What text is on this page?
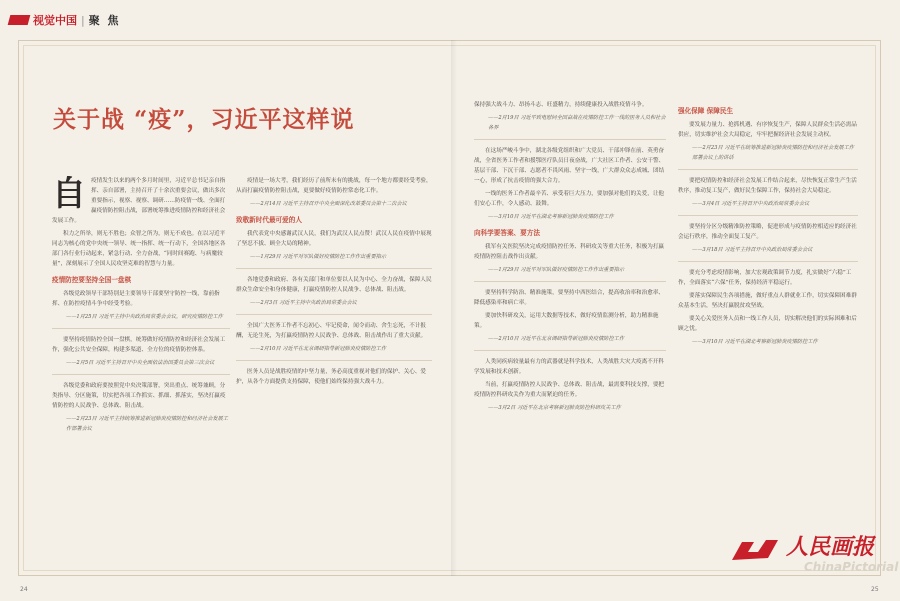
视觉中国 | 聚 焦
关于战 “疫”，习近平这样说

自疫情发生以来的两个多月时间里，习近平总书记亲自指挥、亲自部署，主持召开了十余次重要会议，做出多次重要指示，视察、视察、调研……防疫情一线、全面打赢疫情防控阻击战，部署统筹推进疫情防控和经济社会发展工作。

积力之所举，则无不胜也；众智之所为，则无不成也。在以习近平同志为核心的党中央统一领导、统一指挥、统一行动下，全国各地区各部门各行业行动起来，紧急行动、全力奋战，“同时间赛跑、与病魔较量”，深刻展示了全国人民攻坚克难的智慧与力量。

疫情防控要坚持全国一盘棋

各级党政领导干部特别是主要领导干部要坚守防控一线，靠前指挥、在防控疫情斗争中经受考验。

——1月25日 习近平主持中央政治局常委会会议，研究疫情防控工作

要坚持疫情防控全国一盘棋，统筹做好疫情防控和经济社会发展工作，强化公共安全保障，构建多渠道、全方位的疫情防控体系。

——2月5日 习近平主持召开中央全面依法治国委员会第三次会议

各级党委和政府要按照党中央决策部署，突出重点、统筹兼顾，分类指导、分区施策，切实把各项工作抓实、抓细、抓落实，坚决打赢疫情防控的人民战争、总体战、阻击战。

——2月23日 习近平主持统筹推进新冠肺炎疫情防控和经济社会发展工作部署会议

疫情是一场大考，我们经历了前所未有的挑战，每一个地方都要经受考验，从而打赢疫情防控阻击战，更要做好疫情防控常态化工作。

——2月14日 习近平主持召开中央全面深化改革委员会第十二次会议

致敬新时代最可爱的人

我代表党中央感谢武汉人民，我们为武汉人民点赞！武汉人民在疫情中展现了坚忍不拔、顾全大局的精神。

——1月29日 习近平对军队做好疫情防控工作作出重要指示

各地党委和政府、各有关部门和单位要以人民为中心、全力奋战，保障人民群众生命安全和身体健康，打赢疫情防控人民战争、总体战、阻击战。

——2月3日 习近平主持中央政治局常委会会议

全国广大医务工作者不忘初心、牢记使命，闻令而动、舍生忘死，不计报酬，无论生死，为打赢疫情防控人民战争、总体战、阻击战作出了重大贡献。

——2月10日 习近平在北京调研指导新冠肺炎疫情防控工作

医务人员是战胜疫情的中坚力量，务必高度重视对他们的保护、关心、爱护，从各个方面提供支持保障，使他们始终保持强大战斗力。

保持强大战斗力、昂扬斗志、旺盛精力，持续健康投入战胜疫情斗争。

——2月19日 习近平致电慰问全国奋战在疫情防控工作一线的医务人员和社会各界

在这场严峻斗争中，湖北各级党组织和广大党员、干部冲锋在前、英勇奋战，全省医务工作者和援鄂医疗队员日夜奋战，广大社区工作者、公安干警、基层干部、下沉干部、志愿者不畏风雨、坚守一线，广大群众众志成城、团结一心，形成了抗击疫情的强大合力。

一线的医务工作者最辛苦、承受着巨大压力，要加强对他们的关爱，让他们安心工作，令人感动、鼓舞。

——3月10日 习近平在湖北考察新冠肺炎疫情防控工作

向科学要答案、要方法

我军有关医院坚决完成疫情防控任务、科研攻关等重大任务，积极为打赢疫情防控阻击战作出贡献。

——1月29日 习近平对军队做好疫情防控工作作出重要指示

要坚持科学防治、精准施策，要坚持中西医结合，提高收治率和治愈率、降低感染率和病亡率。

要加快科研攻关，运用大数据等技术，做好疫情监测分析，助力精准施策。

——2月10日 习近平在北京调研指导新冠肺炎疫情防控工作

人类同疾病较量最有力的武器就是科学技术，人类战胜大灾大疫离不开科学发展和技术创新。

当前，打赢疫情防控人民战争、总体战、阻击战，最需要科技支撑，要把疫情防控科研攻关作为重大而紧迫的任务。

——3月2日 习近平在北京考察新冠肺炎防控科研攻关工作

强化保障 保障民生

要发展力量力、抢抓机遇、有序恢复生产，保障人民群众生活必需品供应，切实维护社会大局稳定，牢牢把握经济社会发展主动权。

——2月23日 习近平在统筹推进新冠肺炎疫情防控和经济社会发展工作部署会议上的讲话

要把疫情防控和经济社会发展工作结合起来，尽快恢复正常生产生活秩序，推动复工复产，做好民生保障工作，保持社会大局稳定。

——3月4日 习近平主持召开中央政治局常委会会议

要坚持分区分级精准防控策略，促进形成与疫情防控相适应的经济社会运行秩序，推动全面复工复产。

——3月18日 习近平主持召开中央政治局常委会会议

要充分考虑疫情影响，加大宏观政策调节力度，扎实做好“六稳”工作，全面落实“六保”任务，保持经济平稳运行。

要落实保障民生各项措施，做好重点人群就业工作，切实保障困难群众基本生活，坚决打赢脱贫攻坚战。

要关心关爱医务人员和一线工作人员，切实解决他们的实际困难和后顾之忧。

——3月10日 习近平在湖北考察新冠肺炎疫情防控工作

24	25
人民画报
ChinaPictorial
